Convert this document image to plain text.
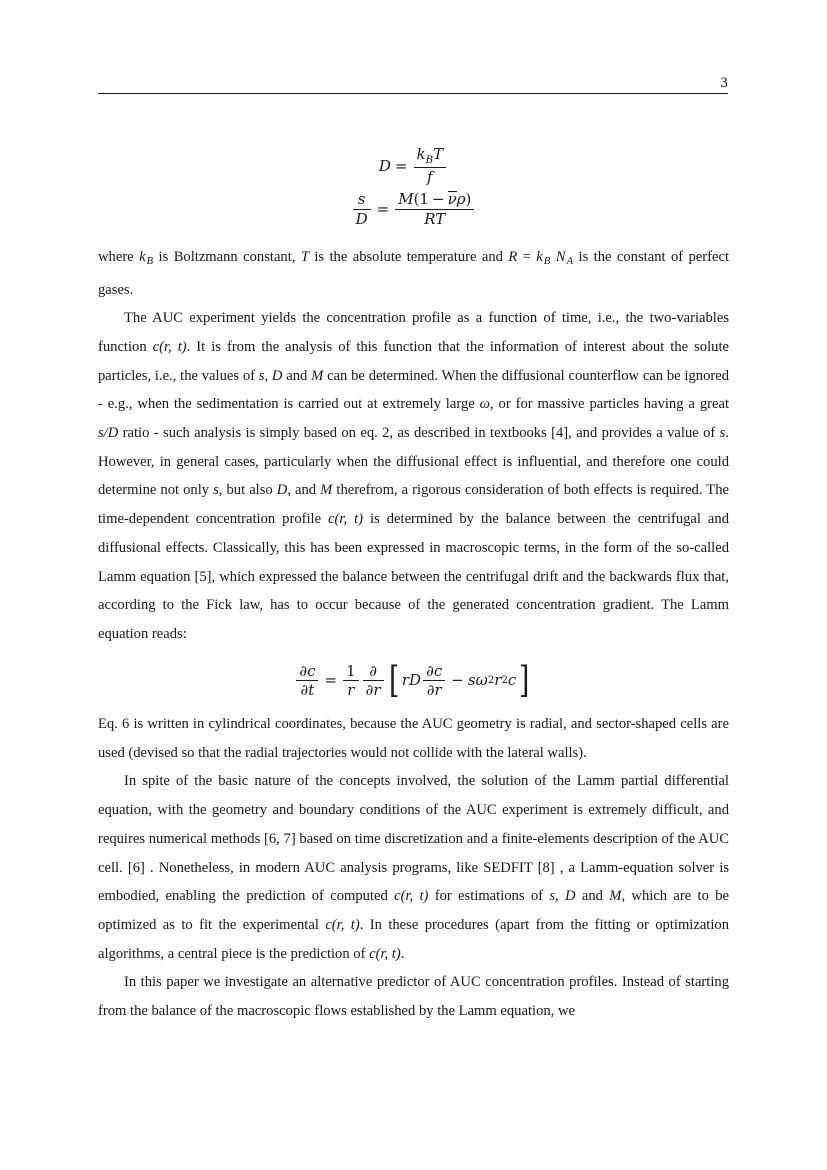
3
$D = \frac{k_BT}{f}$
$\frac{s}{D} = \frac{M(1 - \nu\rho)}{RT}$

where kB is Boltzmann constant, T is the absolute temperature and R = kB NA is the constant of perfect gases.

The AUC experiment yields the concentration profile as a function of time, i.e., the two-variables function c(r, t). It is from the analysis of this function that the information of interest about the solute particles, i.e., the values of s, D and M can be determined. When the diffusional counterflow can be ignored - e.g., when the sedimentation is carried out at extremely large ω, or for massive particles having a great s/D ratio - such analysis is simply based on eq. 2, as described in textbooks [4], and provides a value of s. However, in general cases, particularly when the diffusional effect is influential, and therefore one could determine not only s, but also D, and M therefrom, a rigorous consideration of both effects is required. The time-dependent concentration profile c(r, t) is determined by the balance between the centrifugal and diffusional effects. Classically, this has been expressed in macroscopic terms, in the form of the so-called Lamm equation [5], which expressed the balance between the centrifugal drift and the backwards flux that, according to the Fick law, has to occur because of the generated concentration gradient. The Lamm equation reads:

$\frac{\partial c}{\partial t} = \frac{1}{r} \frac{\partial}{\partial r}$ [ rD $\frac{\partial c}{\partial r} - s$ ω 2 r 2 c ]

Eq. 6 is written in cylindrical coordinates, because the AUC geometry is radial, and sector-shaped cells are used (devised so that the radial trajectories would not collide with the lateral walls).

In spite of the basic nature of the concepts involved, the solution of the Lamm partial differential equation, with the geometry and boundary conditions of the AUC experiment is extremely difficult, and requires numerical methods [6, 7] based on time discretization and a finite-elements description of the AUC cell. [6] . Nonetheless, in modern AUC analysis programs, like SEDFIT [8] , a Lamm-equation solver is embodied, enabling the prediction of computed c(r, t) for estimations of s, D and M, which are to be optimized as to fit the experimental c(r, t). In these procedures (apart from the fitting or optimization algorithms, a central piece is the prediction of c(r, t).

In this paper we investigate an alternative predictor of AUC concentration profiles. Instead of starting from the balance of the macroscopic flows established by the Lamm equation, we
